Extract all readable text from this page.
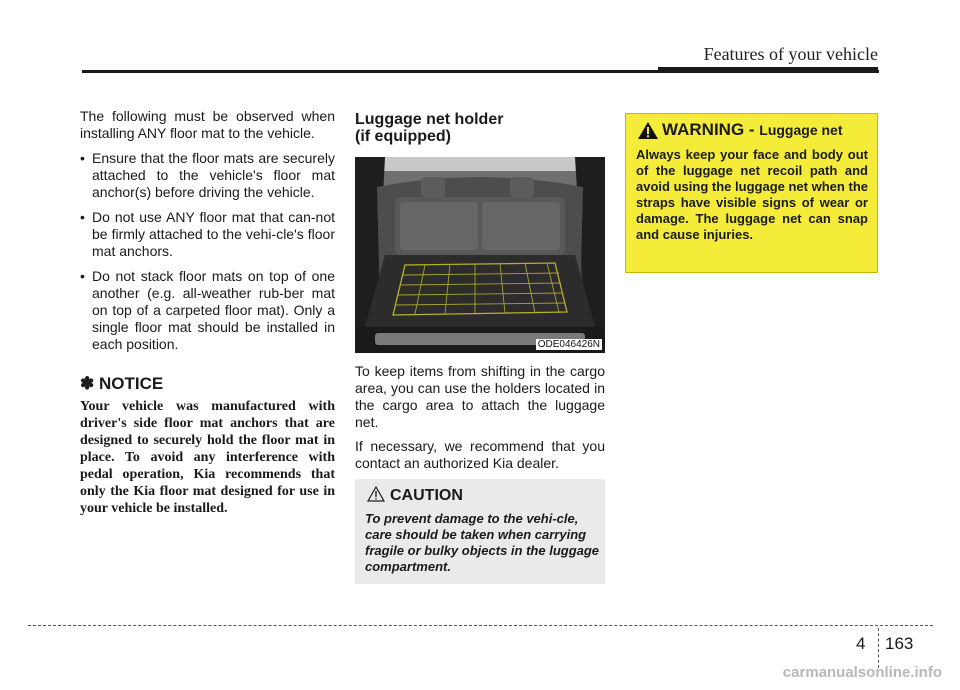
Features of your vehicle

The following must be observed when installing ANY floor mat to the vehicle.

• Ensure that the floor mats are securely attached to the vehicle's floor mat anchor(s) before driving the vehicle.
• Do not use ANY floor mat that can-not be firmly attached to the vehi-cle's floor mat anchors.
• Do not stack floor mats on top of one another (e.g. all-weather rub-ber mat on top of a carpeted floor mat). Only a single floor mat should be installed in each position.
✽ NOTICE
Your vehicle was manufactured with driver's side floor mat anchors that are designed to securely hold the floor mat in place. To avoid any interference with pedal operation, Kia recommends that only the Kia floor mat designed for use in your vehicle be installed.
Luggage net holder
(if equipped)
ODE046426N

To keep items from shifting in the cargo area, you can use the holders located in the cargo area to attach the luggage net.

If necessary, we recommend that you contact an authorized Kia dealer.

CAUTION
To prevent damage to the vehi-cle, care should be taken when carrying fragile or bulky objects in the luggage compartment.
WARNING - Luggage net
Always keep your face and body out of the luggage net recoil path and avoid using the luggage net when the straps have visible signs of wear or damage. The luggage net can snap and cause injuries.
4 163
carmanualsonline.info
